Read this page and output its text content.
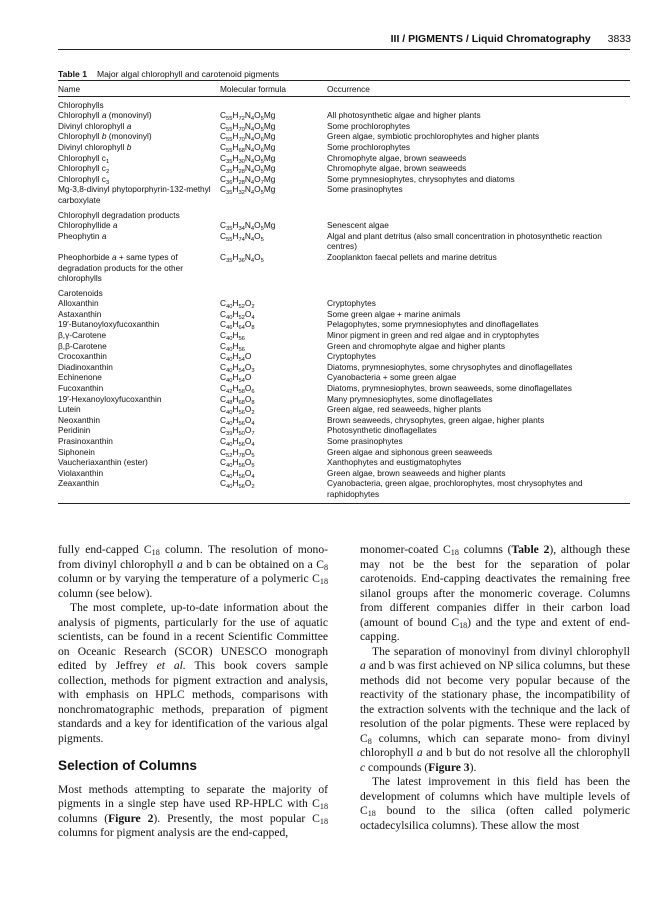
III / PIGMENTS / Liquid Chromatography 3833
Table 1 Major algal chlorophyll and carotenoid pigments
Name	Molecular formula	Occurrence
Chlorophylls		
Chlorophyll a (monovinyl)	$C_{55}H_{72}N_4O_5Mg$	All photosynthetic algae and higher plants
Divinyl chlorophyll a	$C_{55}H_{70}N_4O_5Mg$	Some prochlorophytes
Chlorophyll b (monovinyl)	$C_{55}H_{70}N_4O_6Mg$	Green algae, symbiotic prochlorophytes and higher plants
Divinyl chlorophyll b	$C_{55}H_{68}N_4O_6Mg$	Some prochlorophytes
Chlorophyll $c_1$	$C_{35}H_{30}N_4O_5Mg$	Chromophyte algae, brown seaweeds
Chlorophyll $c_2$	$C_{35}H_{28}N_4O_5Mg$	Chromophyte algae, brown seaweeds
Chlorophyll $c_3$	$C_{36}H_{28}N_4O_7Mg$	Some prymnesiophytes, chrysophytes and diatoms
Mg-3,8-divinyl phytoporphyrin-132-methyl carboxylate	$C_{35}H_{32}N_4O_5Mg$	Some prasinophytes
Chlorophyll degradation products		
Chlorophyllide a	$C_{35}H_{34}N_4O_5Mg$	Senescent algae
Pheophytin a	$C_{55}H_{74}N_4O_5$	Algal and plant detritus (also small concentration in photosynthetic reaction centres)
Pheophorbide a + same types of degradation products for the other chlorophylls	$C_{35}H_{36}N_4O_5$	Zooplankton faecal pellets and marine detritus
Carotenoids		
Alloxanthin	$C_{40}H_{52}O_2$	Cryptophytes
Astaxanthin	$C_{40}H_{52}O_4$	Some green algae + marine animals
19′-Butanoyloxyfucoxanthin	$C_{46}H_{64}O_8$	Pelagophytes, some prymnesiophytes and dinoflagellates
β,γ-Carotene	$C_{40}H_{56}$	Minor pigment in green and red algae and in cryptophytes
β,β-Carotene	$C_{40}H_{56}$	Green and chromophyte algae and higher plants
Crocoxanthin	$C_{40}H_{54}O$	Cryptophytes
Diadinoxanthin	$C_{40}H_{54}O_3$	Diatoms, prymnesiophytes, some chrysophytes and dinoflagellates
Echinenone	$C_{40}H_{54}O$	Cyanobacteria + some green algae
Fucoxanthin	$C_{42}H_{58}O_6$	Diatoms, prymnesiophytes, brown seaweeds, some dinoflagellates
19′-Hexanoyloxyfucoxanthin	$C_{48}H_{68}O_8$	Many prymnesiophytes, some dinoflagellates
Lutein	$C_{40}H_{56}O_2$	Green algae, red seaweeds, higher plants
Neoxanthin	$C_{40}H_{56}O_4$	Brown seaweeds, chrysophytes, green algae, higher plants
Peridinin	$C_{39}H_{50}O_7$	Photosynthetic dinoflagellates
Prasinoxanthin	$C_{40}H_{56}O_4$	Some prasinophytes
Siphonein	$C_{52}H_{78}O_5$	Green algae and siphonous green seaweeds
Vaucheriaxanthin (ester)	$C_{40}H_{56}O_5$	Xanthophytes and eustigmatophytes
Violaxanthin	$C_{40}H_{56}O_4$	Green algae, brown seaweeds and higher plants
Zeaxanthin	$C_{40}H_{56}O_2$	Cyanobacteria, green algae, prochlorophytes, most chrysophytes and raphidophytes

fully end-capped $C_{18}$ column. The resolution of mono- from divinyl chlorophyll a and b can be obtained on a $C_8$ column or by varying the temperature of a polymeric $C_{18}$ column (see below).

The most complete, up-to-date information about the analysis of pigments, particularly for the use of aquatic scientists, can be found in a recent Scientific Committee on Oceanic Research (SCOR) UNESCO monograph edited by Jeffrey et al. This book covers sample collection, methods for pigment extraction and analysis, with emphasis on HPLC methods, comparisons with nonchromatographic methods, preparation of pigment standards and a key for identification of the various algal pigments.

Selection of Columns

Most methods attempting to separate the majority of pigments in a single step have used RP-HPLC with $C_{18}$ columns (Figure 2). Presently, the most popular $C_{18}$ columns for pigment analysis are the end-capped,

monomer-coated $C_{18}$ columns (Table 2), although these may not be the best for the separation of polar carotenoids. End-capping deactivates the remaining free silanol groups after the monomeric coverage. Columns from different companies differ in their carbon load (amount of bound $C_{18}$) and the type and extent of end-capping.

The separation of monovinyl from divinyl chlorophyll a and b was first achieved on NP silica columns, but these methods did not become very popular because of the reactivity of the stationary phase, the incompatibility of the extraction solvents with the technique and the lack of resolution of the polar pigments. These were replaced by $C_8$ columns, which can separate mono- from divinyl chlorophyll a and b but do not resolve all the chlorophyll c compounds (Figure 3).

The latest improvement in this field has been the development of columns which have multiple levels of $C_{18}$ bound to the silica (often called polymeric octadecylsilica columns). These allow the most
